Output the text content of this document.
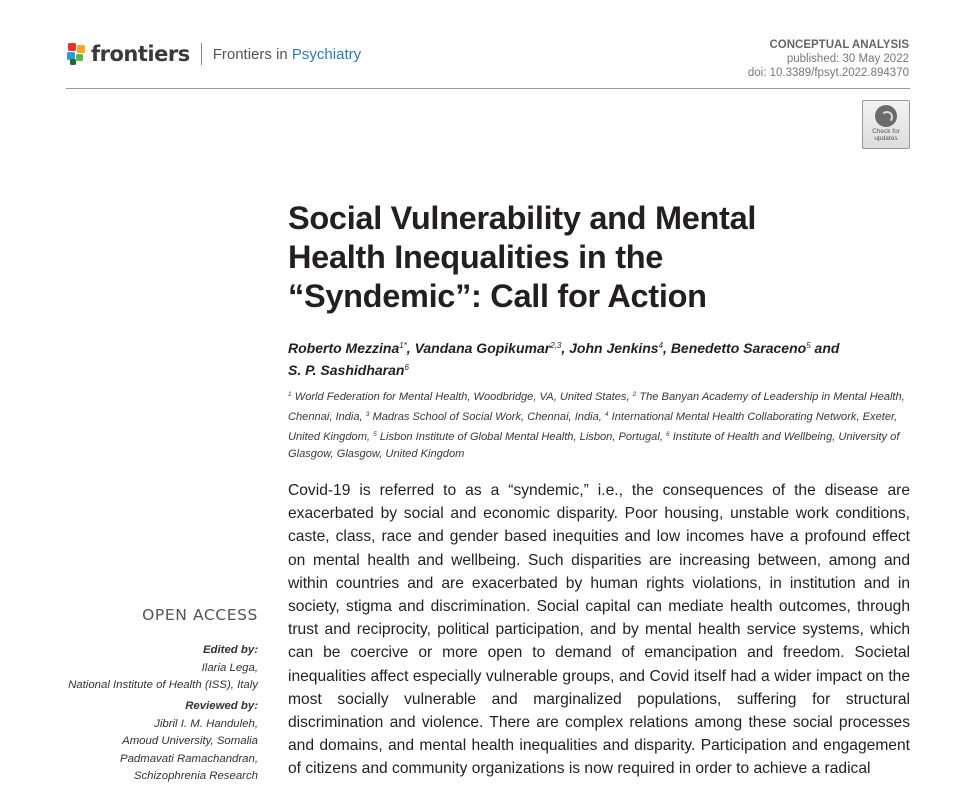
frontiers Frontiers in Psychiatry
CONCEPTUAL ANALYSIS
published: 30 May 2022
doi: 10.3389/fpsyt.2022.894370
Check for
updates
Social Vulnerability and Mental
Health Inequalities in the
“Syndemic”: Call for Action
Roberto Mezzina$^{1*}$, Vandana Gopikumar$^{2,3}$, John Jenkins$^4$, Benedetto Saraceno$^5$ and
S. P. Sashidharan$^6$
$^1$ World Federation for Mental Health, Woodbridge, VA, United States, $^2$ The Banyan Academy of Leadership in Mental Health, Chennai, India, $^3$ Madras School of Social Work, Chennai, India, $^4$ International Mental Health Collaborating Network, Exeter, United Kingdom, $^5$ Lisbon Institute of Global Mental Health, Lisbon, Portugal, $^6$ Institute of Health and Wellbeing, University of Glasgow, Glasgow, United Kingdom
Covid-19 is referred to as a “syndemic,” i.e., the consequences of the disease are exacerbated by social and economic disparity. Poor housing, unstable work conditions, caste, class, race and gender based inequities and low incomes have a profound effect on mental health and wellbeing. Such disparities are increasing between, among and within countries and are exacerbated by human rights violations, in institution and in society, stigma and discrimination. Social capital can mediate health outcomes, through trust and reciprocity, political participation, and by mental health service systems, which can be coercive or more open to demand of emancipation and freedom. Societal inequalities affect especially vulnerable groups, and Covid itself had a wider impact on the most socially vulnerable and marginalized populations, suffering for structural discrimination and violence. There are complex relations among these social processes and domains, and mental health inequalities and disparity. Participation and engagement of citizens and community organizations is now required in order to achieve a radical
OPEN ACCESS
Edited by:
Ilaria Lega,
National Institute of Health (ISS), Italy
Reviewed by:
Jibril I. M. Handuleh,
Amoud University, Somalia
Padmavati Ramachandran,
Schizophrenia Research
